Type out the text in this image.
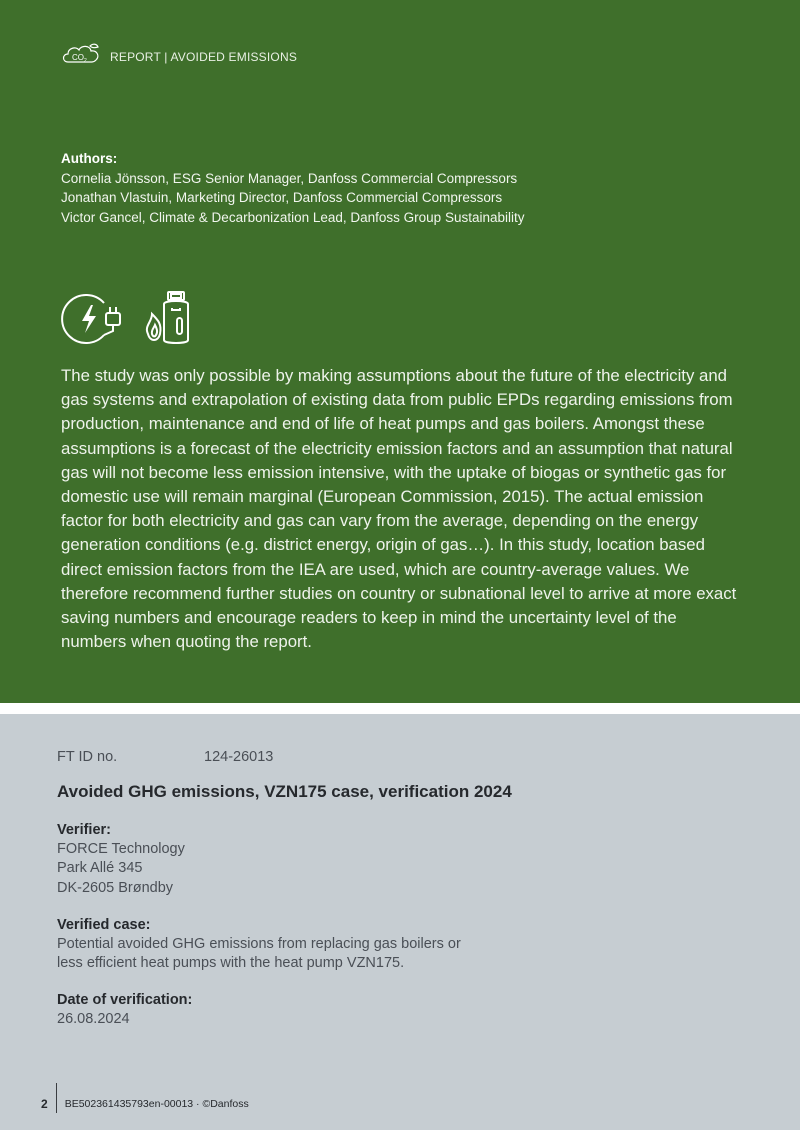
CO 2 REPORT | AVOIDED EMISSIONS
Authors:
Cornelia Jönsson, ESG Senior Manager, Danfoss Commercial Compressors
Jonathan Vlastuin, Marketing Director, Danfoss Commercial Compressors
Victor Gancel, Climate & Decarbonization Lead, Danfoss Group Sustainability
The study was only possible by making assumptions about the future of the electricity and gas systems and extrapolation of existing data from public EPDs regarding emissions from production, maintenance and end of life of heat pumps and gas boilers. Amongst these assumptions is a forecast of the electricity emission factors and an assumption that natural gas will not become less emission intensive, with the uptake of biogas or synthetic gas for domestic use will remain marginal (European Commission, 2015). The actual emission factor for both electricity and gas can vary from the average, depending on the energy generation conditions (e.g. district energy, origin of gas…). In this study, location based direct emission factors from the IEA are used, which are country-average values. We therefore recommend further studies on country or subnational level to arrive at more exact saving numbers and encourage readers to keep in mind the uncertainty level of the numbers when quoting the report.
FT ID no.	124-26013
Avoided GHG emissions, VZN175 case, verification 2024
Verifier:
FORCE Technology
Park Allé 345
DK-2605 Brøndby
Verified case:
Potential avoided GHG emissions from replacing gas boilers or
less efficient heat pumps with the heat pump VZN175.
Date of verification:
26.08.2024
2 BE502361435793en-00013 · ©Danfoss
